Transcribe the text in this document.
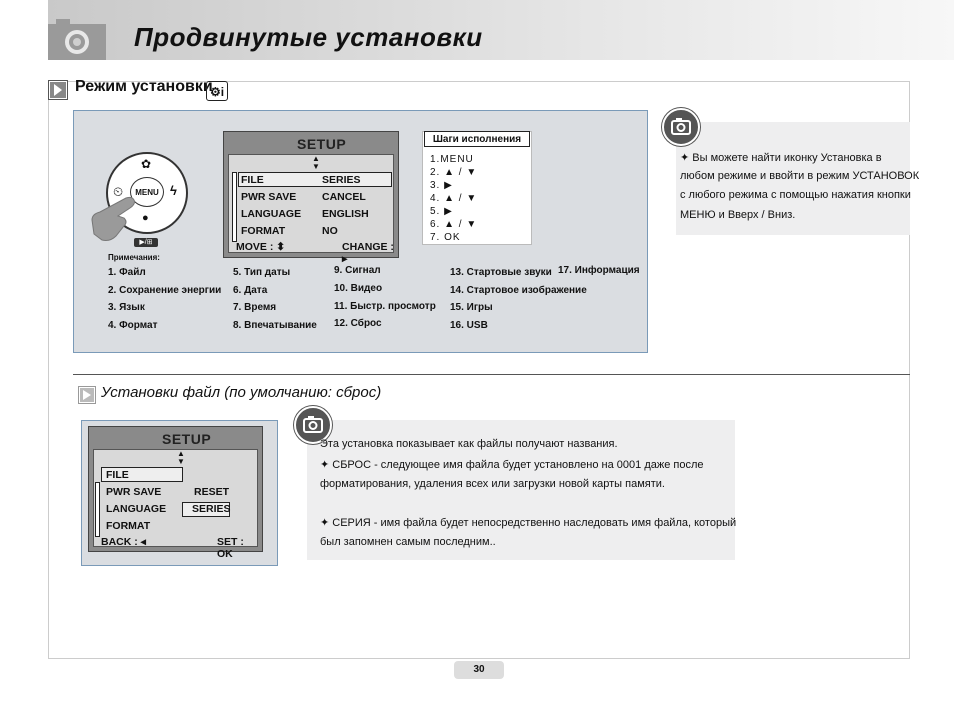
Продвинутые установки
Режим установки
⚙i
✿
⏲	ϟ
●
MENU
▶/⊞
SETUP
▲
▼
FILE	SERIES
PWR SAVE CANCEL
LANGUAGE ENGLISH
FORMAT	NO
MOVE : ⬍	CHANGE : ▸
Шаги исполнения
1.MENU
2. ▲ / ▼
3. ▶
4. ▲ / ▼
5. ▶
6. ▲ / ▼
7. OK
Примечания:
1. Файл
2. Сохранение энергии
3. Язык
4. Формат
5. Тип даты
6. Дата
7. Время
8. Впечатывание
9. Сигнал
10. Видео
11. Быстр. просмотр
12. Сброс
13. Стартовые звуки
14. Стартовое изображение
15. Игры
16. USB
17. Информация
✦ Вы можете найти иконку Установка в
любом режиме и ввойти в режим УСТАНОВОК
с любого режима с помощью нажатия кнопки
МЕНЮ и Вверх / Вниз.
Установки файл (по умолчанию: сброс)
SETUP
▲
▼
FILE
PWR SAVE	RESET
LANGUAGE SERIES
FORMAT
BACK : ◂	SET : OK
Эта установка показывает как файлы получают названия.
✦ СБРОС - следующее имя файла будет установлено на 0001 даже после
форматирования, удаления всех или загрузки новой карты памяти.
✦ СЕРИЯ - имя файла будет непосредственно наследовать имя файла, который
был запомнен самым последним..
30
